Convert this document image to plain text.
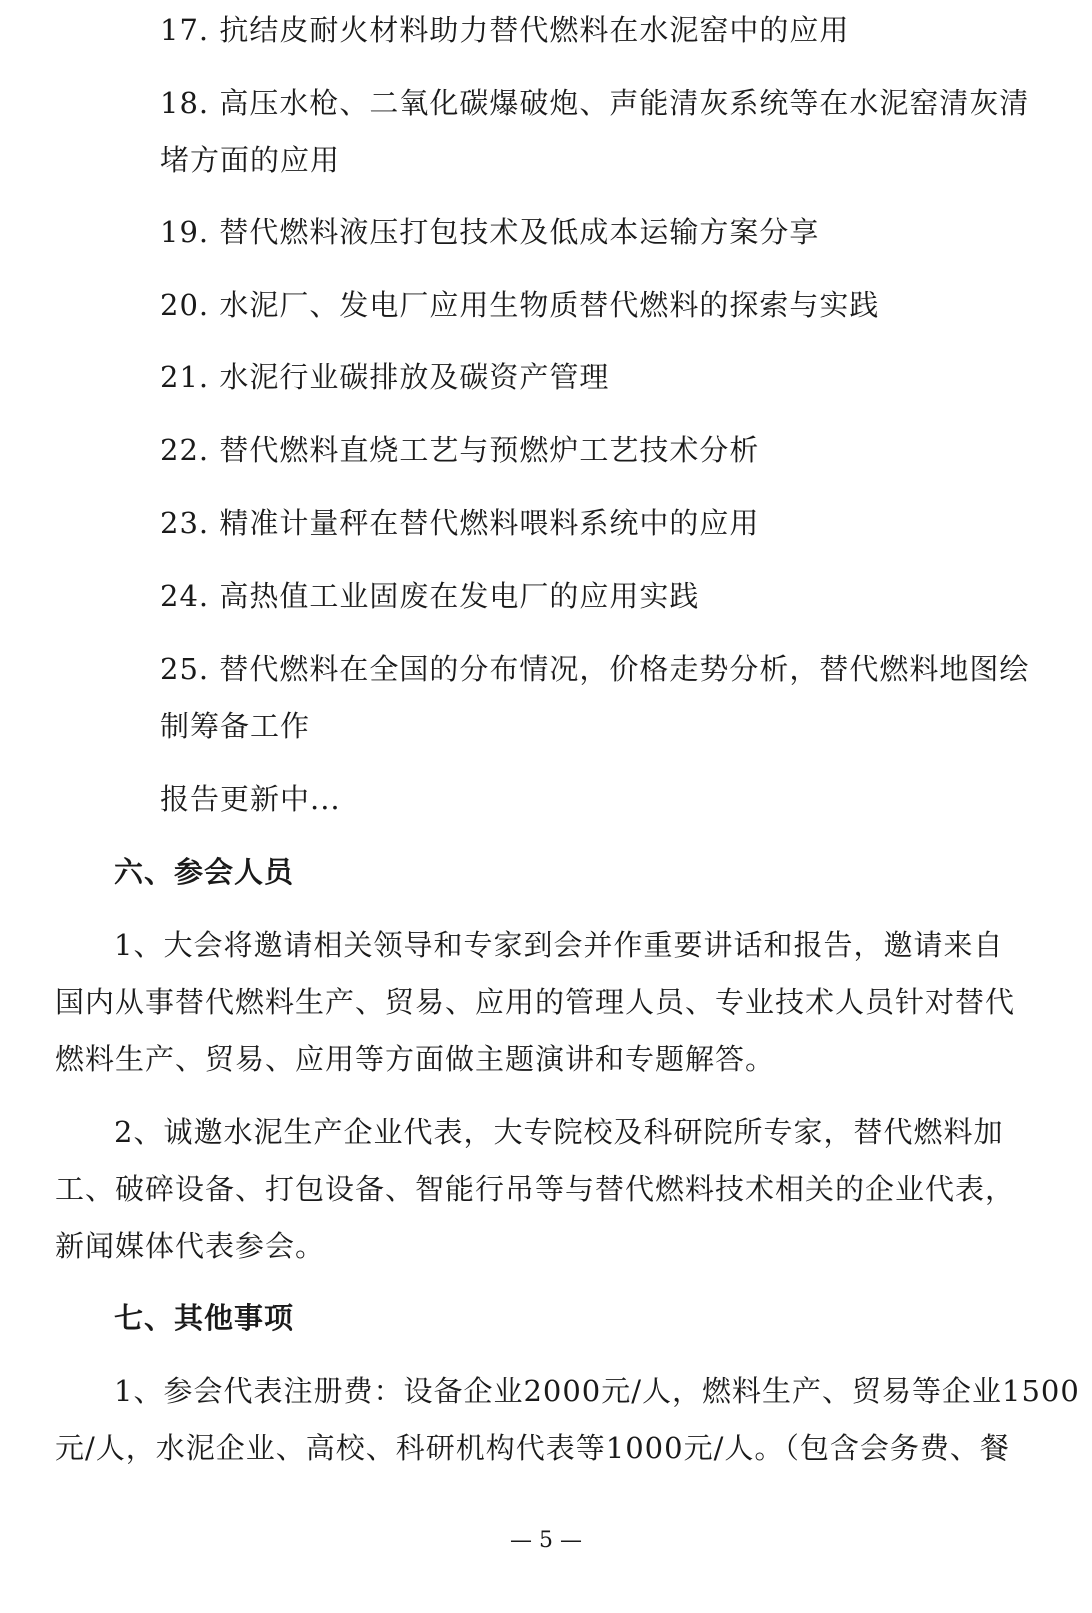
17. 抗结皮耐火材料助力替代燃料在水泥窑中的应用
18. 高压水枪、二氧化碳爆破炮、声能清灰系统等在水泥窑清灰清
堵方面的应用
19. 替代燃料液压打包技术及低成本运输方案分享
20. 水泥厂、发电厂应用生物质替代燃料的探索与实践
21. 水泥行业碳排放及碳资产管理
22. 替代燃料直烧工艺与预燃炉工艺技术分析
23. 精准计量秤在替代燃料喂料系统中的应用
24. 高热值工业固废在发电厂的应用实践
25. 替代燃料在全国的分布情况，价格走势分析，替代燃料地图绘
制筹备工作
报告更新中...
六、参会人员
1、大会将邀请相关领导和专家到会并作重要讲话和报告，邀请来自
国内从事替代燃料生产、贸易、应用的管理人员、专业技术人员针对替代
燃料生产、贸易、应用等方面做主题演讲和专题解答。
2、诚邀水泥生产企业代表，大专院校及科研院所专家，替代燃料加
工、破碎设备、打包设备、智能行吊等与替代燃料技术相关的企业代表，
新闻媒体代表参会。
七、其他事项
1、参会代表注册费：设备企业2000元/人，燃料生产、贸易等企业1500
元/人，水泥企业、高校、科研机构代表等1000元/人。（包含会务费、餐
— 5 —
